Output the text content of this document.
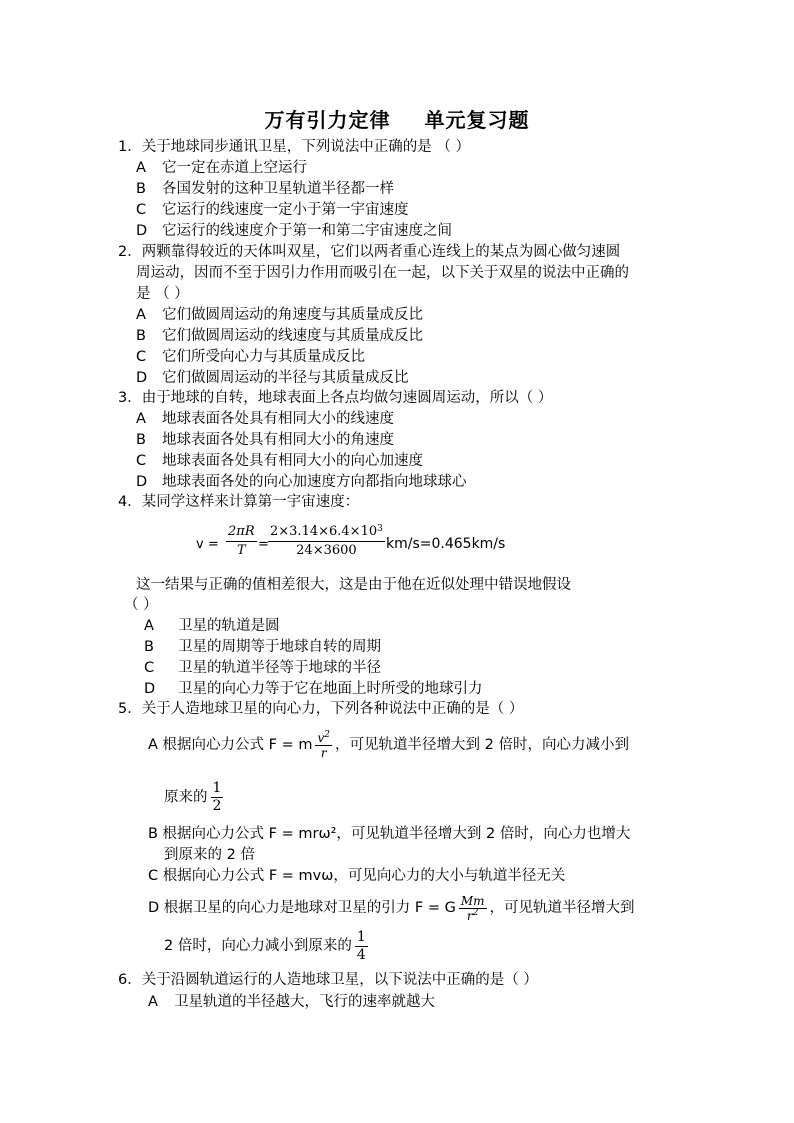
万有引力定律 单元复习题
1．关于地球同步通讯卫星，下列说法中正确的是 （ ）
A 它一定在赤道上空运行
B 各国发射的这种卫星轨道半径都一样
C 它运行的线速度一定小于第一宇宙速度
D 它运行的线速度介于第一和第二宇宙速度之间
2．两颗靠得较近的天体叫双星，它们以两者重心连线上的某点为圆心做匀速圆
周运动，因而不至于因引力作用而吸引在一起，以下关于双星的说法中正确的
是 （ ）
A 它们做圆周运动的角速度与其质量成反比
B 它们做圆周运动的线速度与其质量成反比
C 它们所受向心力与其质量成反比
D 它们做圆周运动的半径与其质量成反比
3．由于地球的自转，地球表面上各点均做匀速圆周运动，所以（ ）
A 地球表面各处具有相同大小的线速度
B 地球表面各处具有相同大小的角速度
C 地球表面各处具有相同大小的向心加速度
D 地球表面各处的向心加速度方向都指向地球球心
4．某同学这样来计算第一宇宙速度：
$v = \frac{2\pi R}{T} = \frac{2\times 3.14\times 6.4\times 10^3}{24\times 3600} km/s=0.465km/s$
这一结果与正确的值相差很大，这是由于他在近似处理中错误地假设
（ ）
A 卫星的轨道是圆
B 卫星的周期等于地球自转的周期
C 卫星的轨道半径等于地球的半径
D 卫星的向心力等于它在地面上时所受的地球引力
5．关于人造地球卫星的向心力，下列各种说法中正确的是（ ）
A 根据向心力公式 F = m $\frac{v^2}{r}$ ，可见轨道半径增大到 2 倍时，向心力减小到
原来的 $\frac{1}{2}$
B 根据向心力公式 F = mrω²，可见轨道半径增大到 2 倍时，向心力也增大
到原来的 2 倍
C 根据向心力公式 F = mvω，可见向心力的大小与轨道半径无关
D 根据卫星的向心力是地球对卫星的引力 F = G $\frac{Mm}{r^2}$ ，可见轨道半径增大到
2 倍时，向心力减小到原来的 $\frac{1}{4}$
6．关于沿圆轨道运行的人造地球卫星，以下说法中正确的是（ ）
A 卫星轨道的半径越大，飞行的速率就越大
